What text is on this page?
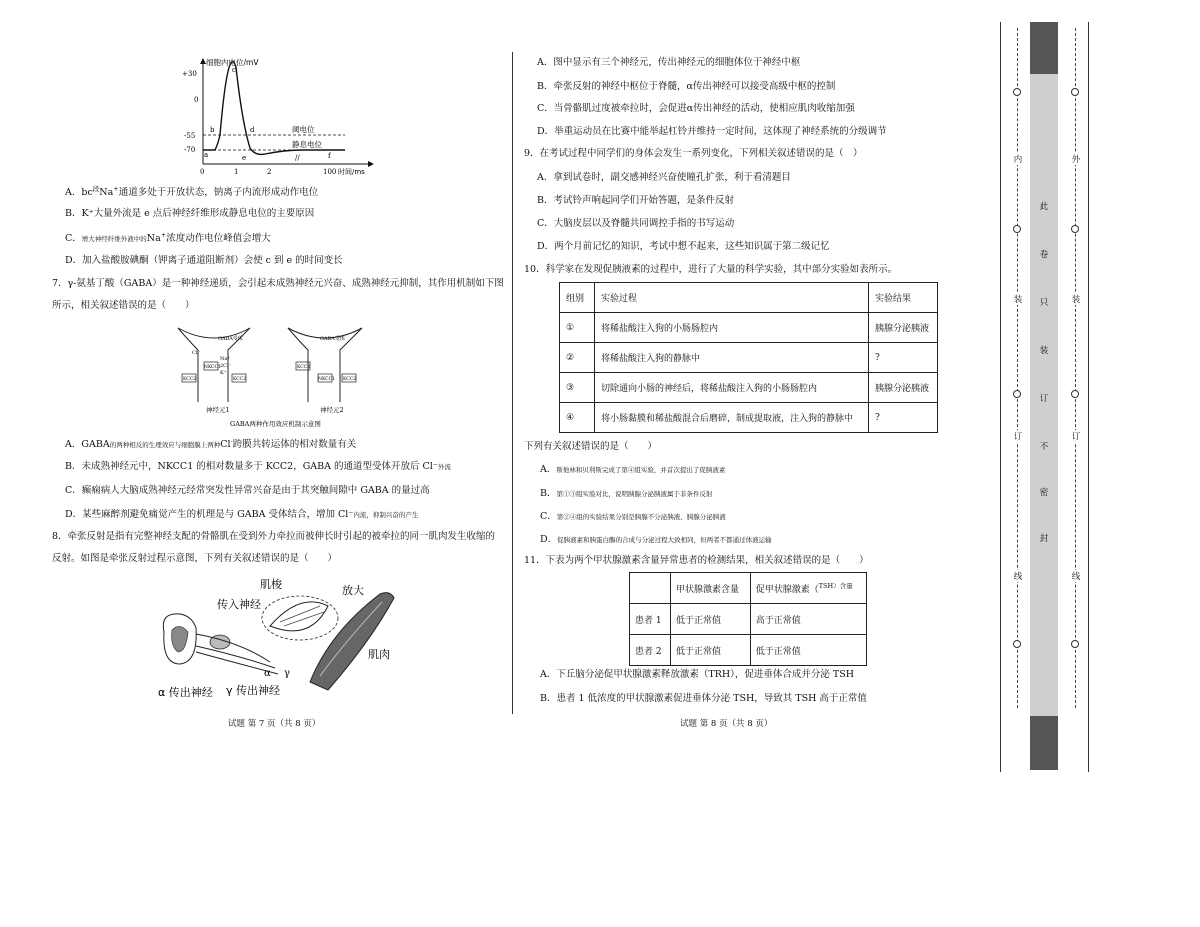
细胞内电位/mV
时间/ms
+30
0
-55
-70
a
b
c
d
e	f
阈电位
静息电位
0	1	2	100
//
A．$bc^段Na^+$通道多处于开放状态，钠离子内流形成动作电位
B．K⁺大量外流是 e 点后神经纤维形成静息电位的主要原因
C．增大神经纤维外液中的Na+浓度动作电位峰值会增大
D．加入盐酸胺碘酮（钾离子通道阻断剂）会使 c 到 e 的时间变长
7．γ-氨基丁酸（GABA）是一种神经递质，会引起未成熟神经元兴奋、成熟神经元抑制，其作用机制如下图
所示，相关叙述错误的是（　　）
NKCC1
KCC2	KCC2
GABA受体
Cl⁻
Na⁺
2Cl⁻
K⁺
神经元1
KCC2
NKCC1 KCC2
GABA受体
神经元2
GABA两种作用效应机制示意图
A．GABA的两种相反的生理效应与细胞膜上两种Cl-跨膜共转运体的相对数量有关
B．未成熟神经元中，NKCC1 的相对数量多于 KCC2，GABA 的通道型受体开放后 Cl⁻外流
C．癫痫病人大脑成熟神经元经常突发性异常兴奋是由于其突触间隙中 GABA 的量过高
D．某些麻醉剂避免痛觉产生的机理是与 GABA 受体结合，增加 Cl⁻内流，抑制兴奋的产生
8．牵张反射是指有完整神经支配的骨骼肌在受到外力牵拉而被伸长时引起的被牵拉的同一肌肉发生收缩的
反射。如图是牵张反射过程示意图，下列有关叙述错误的是（　　）
肌梭
传入神经
放大
肌肉
α γ
α 传出神经 γ 传出神经
试题 第 7 页（共 8 页）
A．图中显示有三个神经元，传出神经元的细胞体位于神经中枢
B．牵张反射的神经中枢位于脊髓，α传出神经可以接受高级中枢的控制
C．当骨骼肌过度被牵拉时，会促进α传出神经的活动，使相应肌肉收缩加强
D．举重运动员在比赛中能举起杠铃并维持一定时间，这体现了神经系统的分级调节
9．在考试过程中同学们的身体会发生一系列变化，下列相关叙述错误的是（　）
A．拿到试卷时，副交感神经兴奋使瞳孔扩张，利于看清题目
B．考试铃声响起同学们开始答题，是条件反射
C．大脑皮层以及脊髓共同调控手指的书写运动
D．两个月前记忆的知识，考试中想不起来，这些知识属于第二级记忆
10．科学家在发现促胰液素的过程中，进行了大量的科学实验，其中部分实验如表所示。
组别	实验过程	实验结果
①	将稀盐酸注入狗的小肠肠腔内	胰腺分泌胰液
②	将稀盐酸注入狗的静脉中	?
③	切除通向小肠的神经后，将稀盐酸注入狗的小肠肠腔内	胰腺分泌胰液
④	将小肠黏膜和稀盐酸混合后磨碎，制成提取液，注入狗的静脉中	?
下列有关叙述错误的是（　　）
A．斯他林和贝利斯完成了第④组实验，并首次提出了促胰液素
B．第①③组实验对比，说明胰腺分泌胰液属于非条件反射
C．第②④组的实验结果分别是胰腺不分泌胰液、胰腺分泌胰液
D．促胰液素和胰蛋白酶的合成与分泌过程大致相同，但两者不都通过体液运输
11．下表为两个甲状腺激素含量异常患者的检测结果，相关叙述错误的是（　　）
	甲状腺激素含量	促甲状腺激素（$^{TSH)含量}$
患者 1	低于正常值	高于正常值
患者 2	低于正常值	低于正常值
A．下丘脑分泌促甲状腺激素释放激素（TRH），促进垂体合成并分泌 TSH
B．患者 1 低浓度的甲状腺激素促进垂体分泌 TSH，导致其 TSH 高于正常值
试题 第 8 页（共 8 页）
内
装
订
线
此
卷
只
装
订
不
密
封
外
装
订
线
